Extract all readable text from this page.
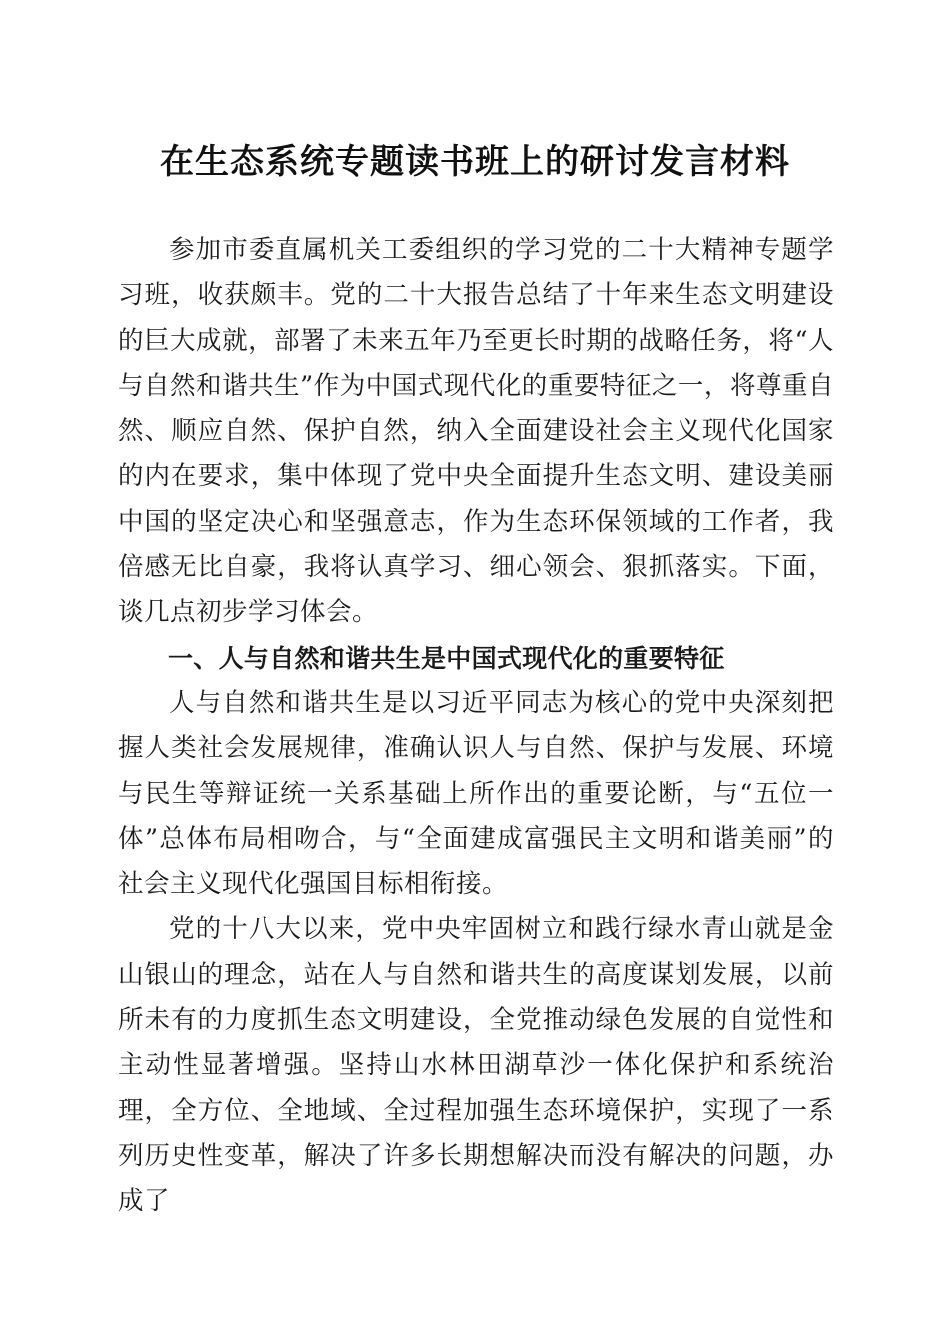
在生态系统专题读书班上的研讨发言材料

参加市委直属机关工委组织的学习党的二十大精神专题学习班，收获颇丰。党的二十大报告总结了十年来生态文明建设的巨大成就，部署了未来五年乃至更长时期的战略任务，将“人与自然和谐共生”作为中国式现代化的重要特征之一，将尊重自然、顺应自然、保护自然，纳入全面建设社会主义现代化国家的内在要求，集中体现了党中央全面提升生态文明、建设美丽中国的坚定决心和坚强意志，作为生态环保领域的工作者，我倍感无比自豪，我将认真学习、细心领会、狠抓落实。下面，谈几点初步学习体会。

一、人与自然和谐共生是中国式现代化的重要特征

人与自然和谐共生是以习近平同志为核心的党中央深刻把握人类社会发展规律，准确认识人与自然、保护与发展、环境与民生等辩证统一关系基础上所作出的重要论断，与“五位一体”总体布局相吻合，与“全面建成富强民主文明和谐美丽”的社会主义现代化强国目标相衔接。

党的十八大以来，党中央牢固树立和践行绿水青山就是金山银山的理念，站在人与自然和谐共生的高度谋划发展，以前所未有的力度抓生态文明建设，全党推动绿色发展的自觉性和主动性显著增强。坚持山水林田湖草沙一体化保护和系统治理，全方位、全地域、全过程加强生态环境保护，实现了一系列历史性变革，解决了许多长期想解决而没有解决的问题，办成了
